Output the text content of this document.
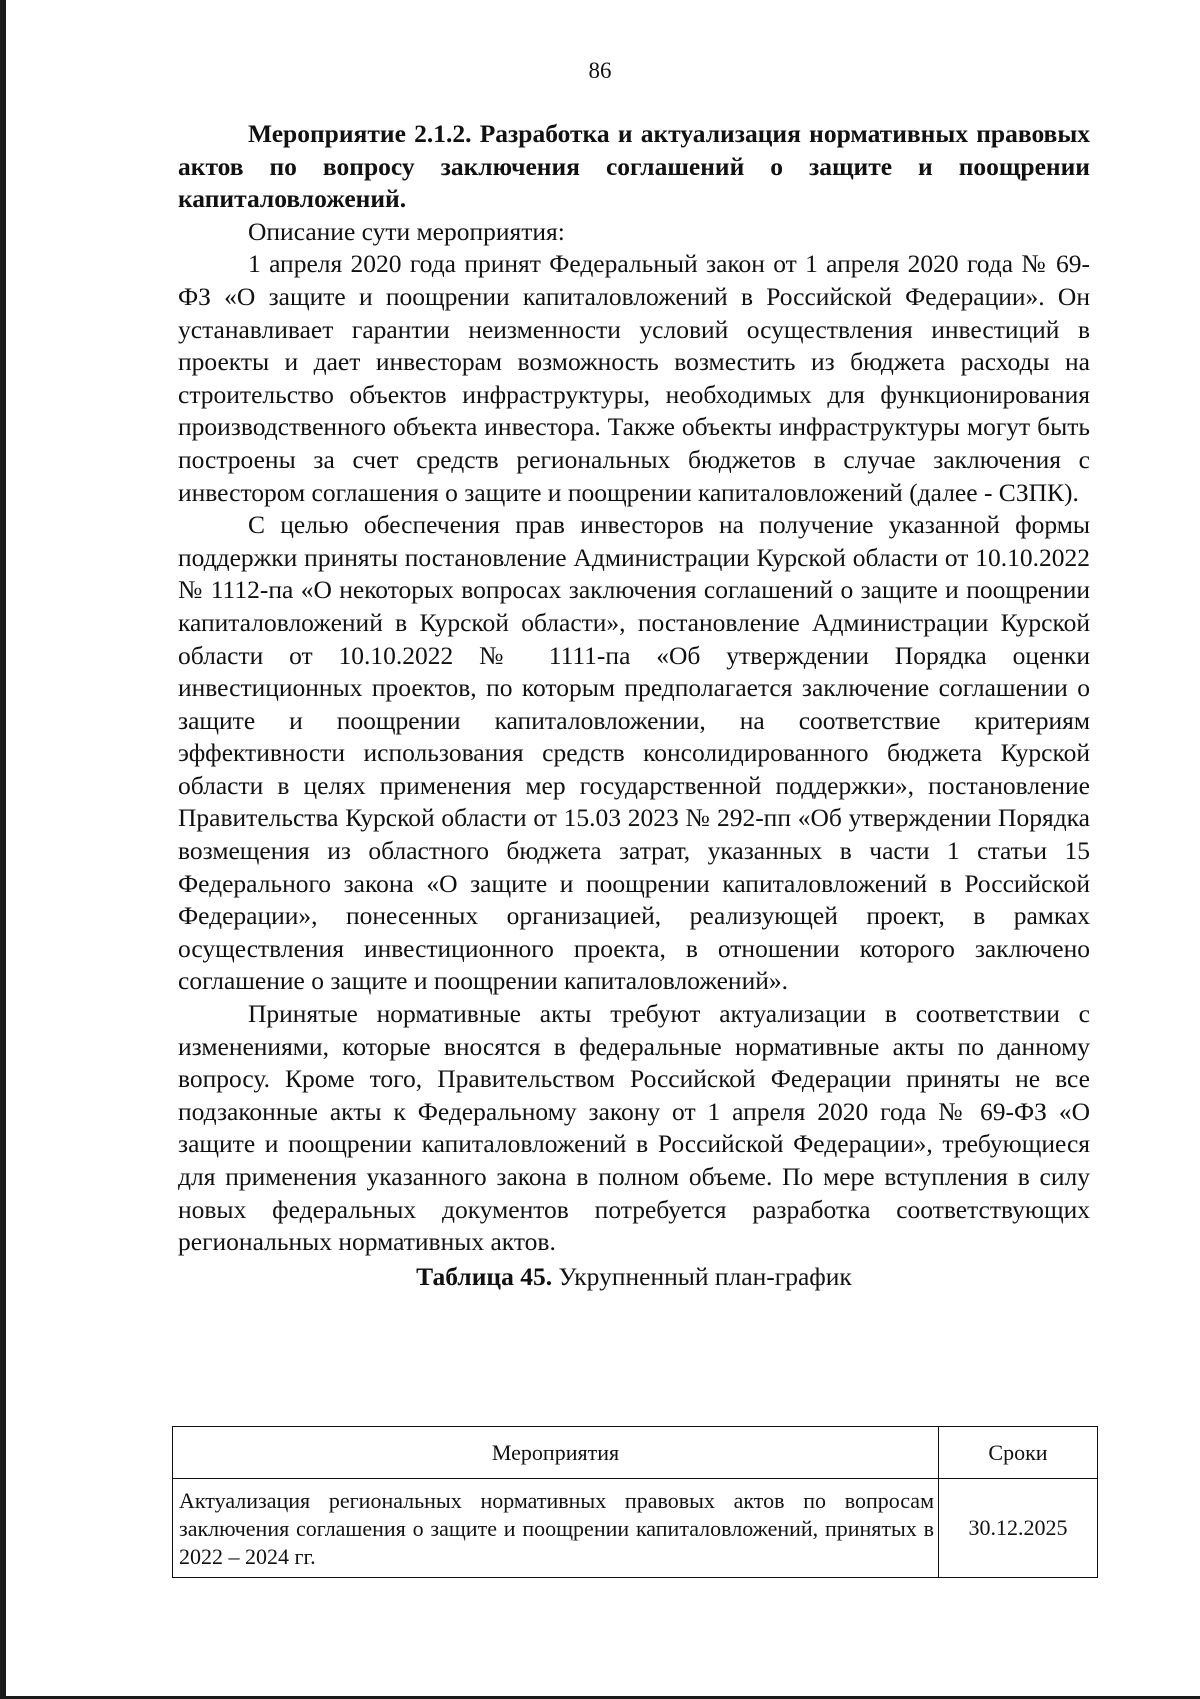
86

Мероприятие 2.1.2. Разработка и актуализация нормативных правовых актов по вопросу заключения соглашений о защите и поощрении капиталовложений.

Описание сути мероприятия:

1 апреля 2020 года принят Федеральный закон от 1 апреля 2020 года № 69-ФЗ «О защите и поощрении капиталовложений в Российской Федерации». Он устанавливает гарантии неизменности условий осуществления инвестиций в проекты и дает инвесторам возможность возместить из бюджета расходы на строительство объектов инфраструктуры, необходимых для функционирования производственного объекта инвестора. Также объекты инфраструктуры могут быть построены за счет средств региональных бюджетов в случае заключения с инвестором соглашения о защите и поощрении капиталовложений (далее - СЗПК).

С целью обеспечения прав инвесторов на получение указанной формы поддержки приняты постановление Администрации Курской области от 10.10.2022 № 1112-па «О некоторых вопросах заключения соглашений о защите и поощрении капиталовложений в Курской области», постановление Администрации Курской области от 10.10.2022 № 1111-па «Об утверждении Порядка оценки инвестиционных проектов, по которым предполагается заключение соглашении о защите и поощрении капиталовложении, на соответствие критериям эффективности использования средств консолидированного бюджета Курской области в целях применения мер государственной поддержки», постановление Правительства Курской области от 15.03 2023 № 292-пп «Об утверждении Порядка возмещения из областного бюджета затрат, указанных в части 1 статьи 15 Федерального закона «О защите и поощрении капиталовложений в Российской Федерации», понесенных организацией, реализующей проект, в рамках осуществления инвестиционного проекта, в отношении которого заключено соглашение о защите и поощрении капиталовложений».

Принятые нормативные акты требуют актуализации в соответствии с изменениями, которые вносятся в федеральные нормативные акты по данному вопросу. Кроме того, Правительством Российской Федерации приняты не все подзаконные акты к Федеральному закону от 1 апреля 2020 года № 69-ФЗ «О защите и поощрении капиталовложений в Российской Федерации», требующиеся для применения указанного закона в полном объеме. По мере вступления в силу новых федеральных документов потребуется разработка соответствующих региональных нормативных актов.

Таблица 45. Укрупненный план-график

Мероприятия	Сроки
Актуализация региональных нормативных правовых актов по вопросам заключения соглашения о защите и поощрении капиталовложений, принятых в 2022 – 2024 гг.	30.12.2025
